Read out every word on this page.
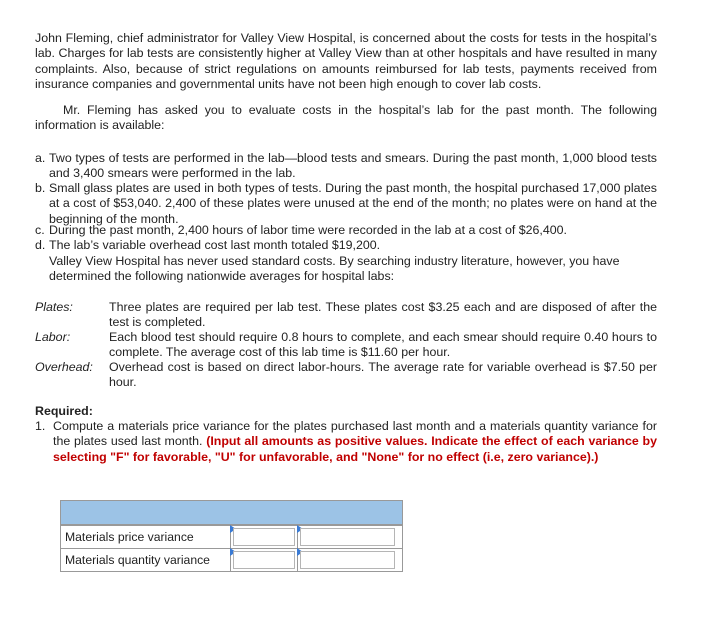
John Fleming, chief administrator for Valley View Hospital, is concerned about the costs for tests in the hospital’s lab. Charges for lab tests are consistently higher at Valley View than at other hospitals and have resulted in many complaints. Also, because of strict regulations on amounts reimbursed for lab tests, payments received from insurance companies and governmental units have not been high enough to cover lab costs.
Mr. Fleming has asked you to evaluate costs in the hospital’s lab for the past month. The following information is available:
a. Two types of tests are performed in the lab—blood tests and smears. During the past month, 1,000 blood tests and 3,400 smears were performed in the lab.
b. Small glass plates are used in both types of tests. During the past month, the hospital purchased 17,000 plates at a cost of $53,040. 2,400 of these plates were unused at the end of the month; no plates were on hand at the beginning of the month.
c. During the past month, 2,400 hours of labor time were recorded in the lab at a cost of $26,400.
d. The lab’s variable overhead cost last month totaled $19,200.
Valley View Hospital has never used standard costs. By searching industry literature, however, you have determined the following nationwide averages for hospital labs:
Plates:	Three plates are required per lab test. These plates cost $3.25 each and are disposed of after the test is completed.
Labor:	Each blood test should require 0.8 hours to complete, and each smear should require 0.40 hours to complete. The average cost of this lab time is $11.60 per hour.
Overhead:	Overhead cost is based on direct labor-hours. The average rate for variable overhead is $7.50 per hour.
Required:
1. Compute a materials price variance for the plates purchased last month and a materials quantity variance for the plates used last month. (Input all amounts as positive values. Indicate the effect of each variance by selecting "F" for favorable, "U" for unfavorable, and "None" for no effect (i.e, zero variance).)
Materials price variance
Materials quantity variance
